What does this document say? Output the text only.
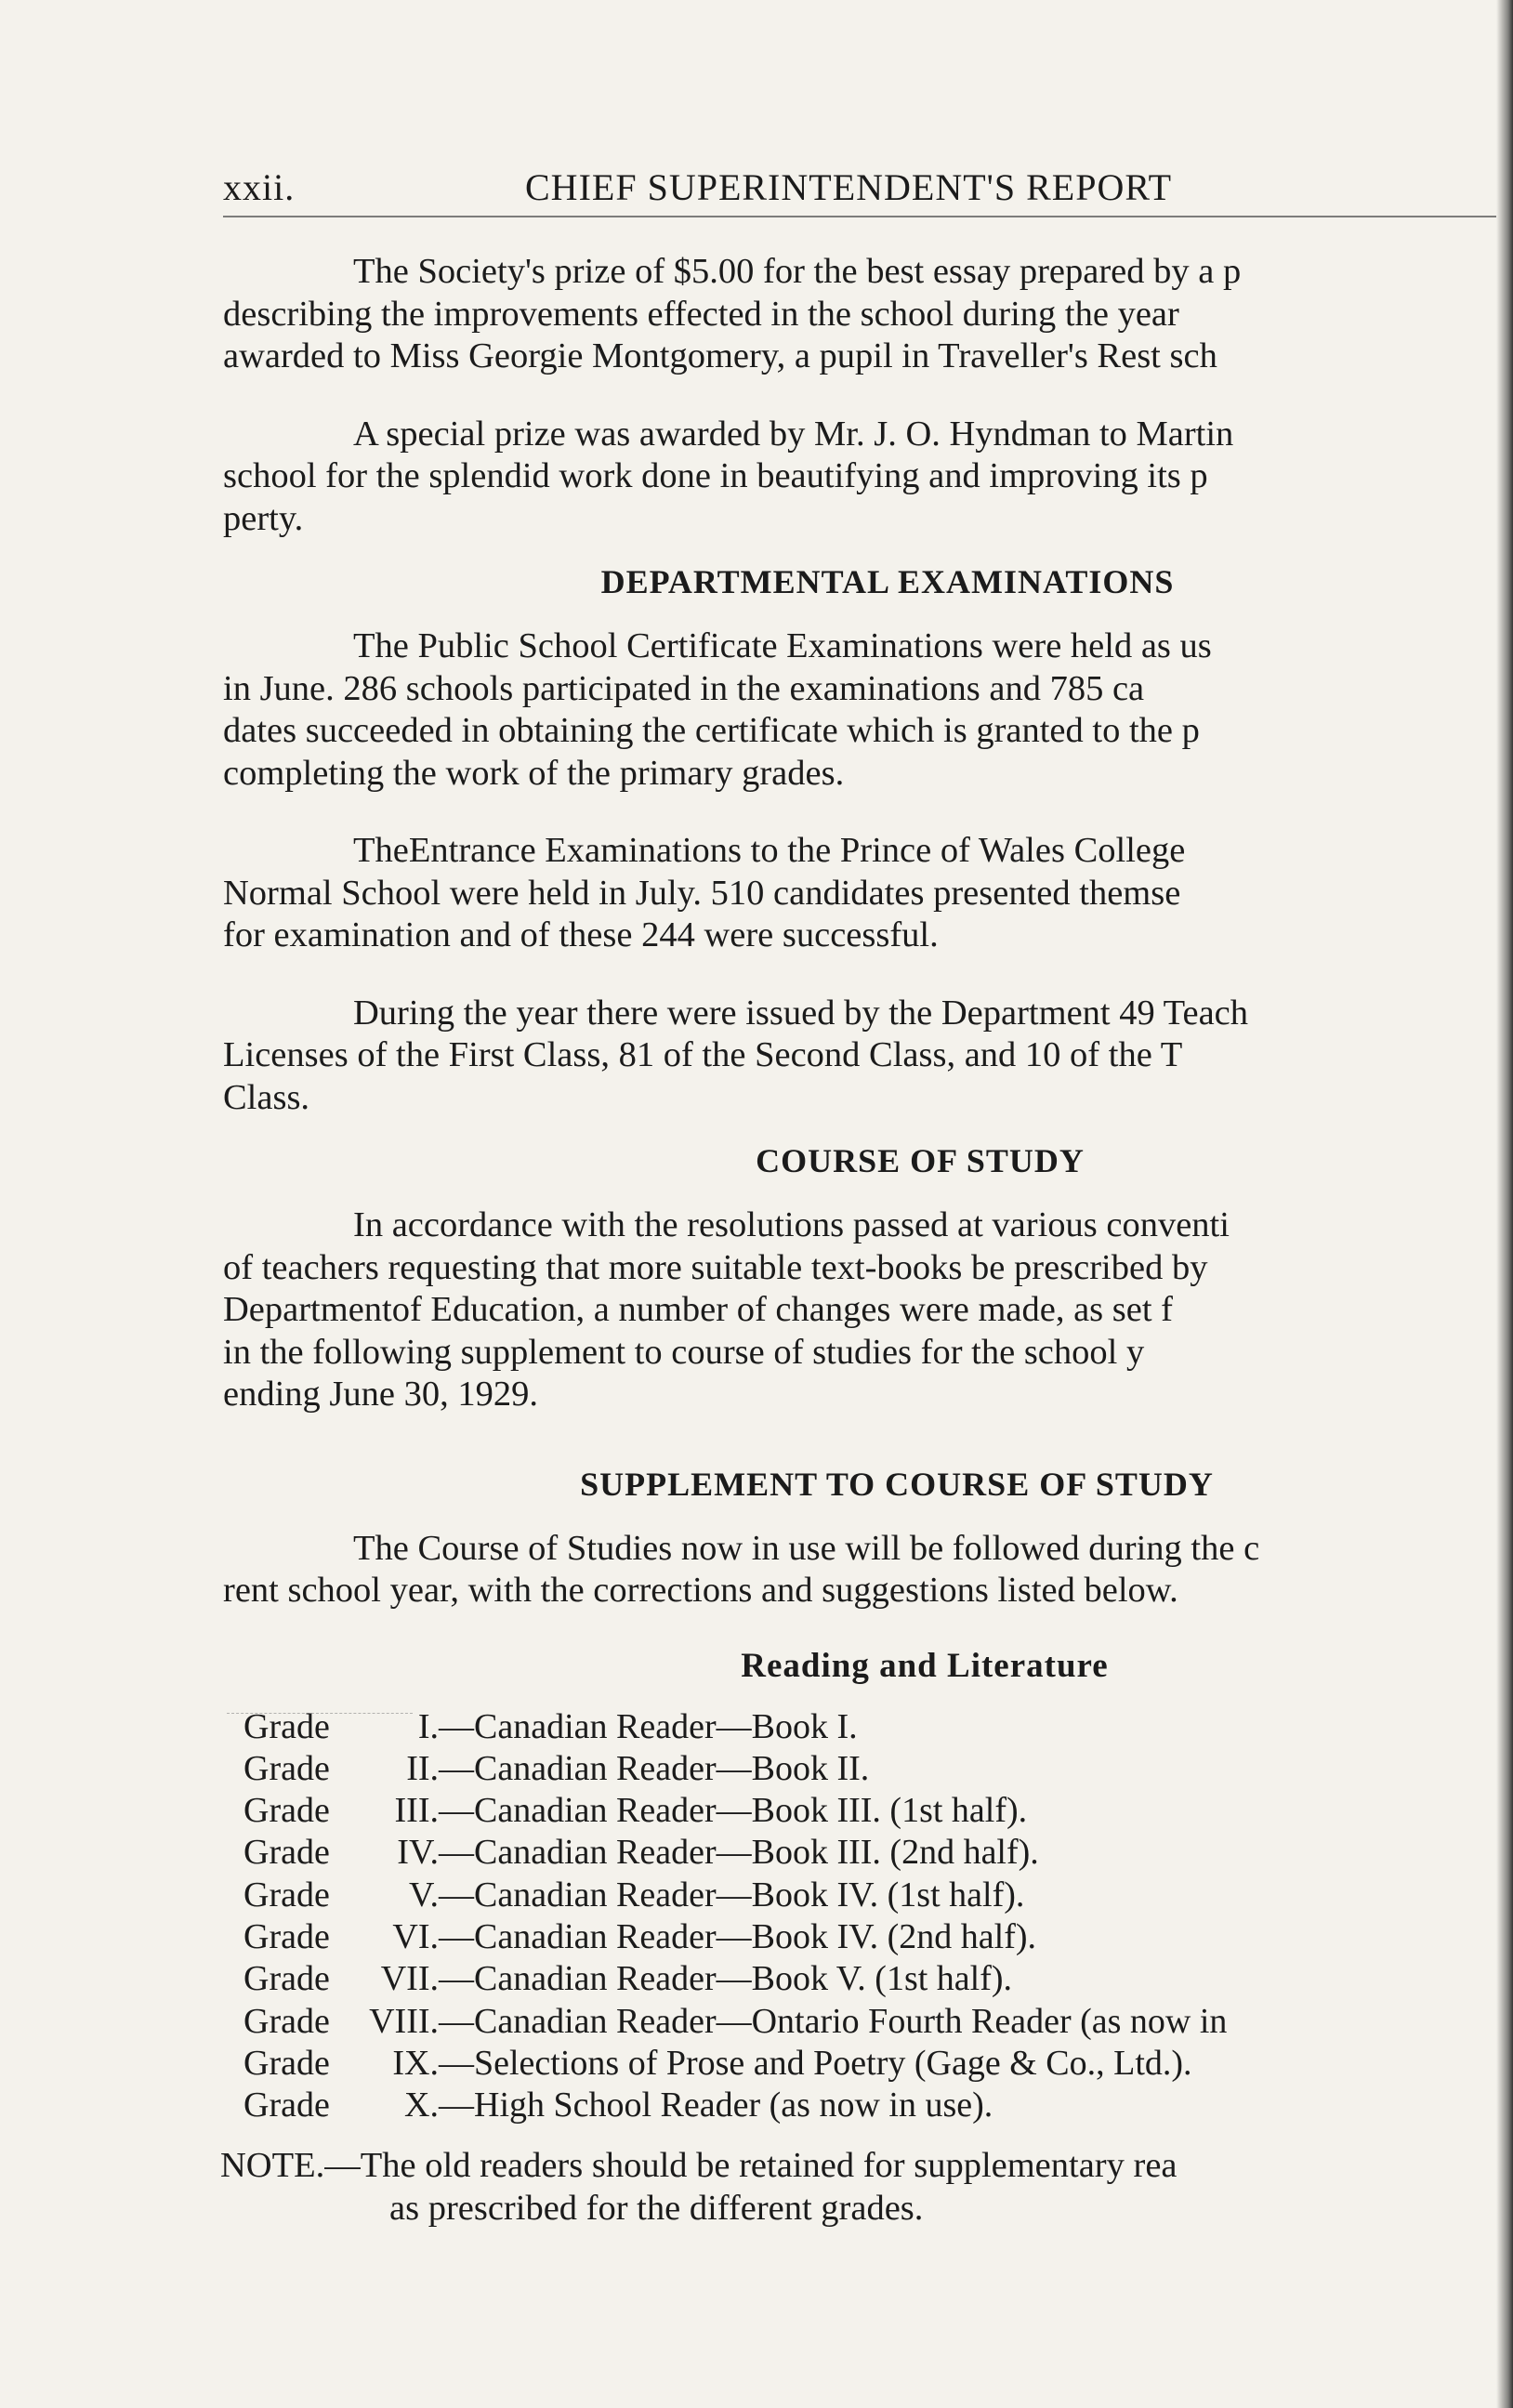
xxii.	CHIEF SUPERINTENDENT'S REPORT

The Society's prize of $5.00 for the best essay prepared by a p

describing the improvements effected in the school during the year

awarded to Miss Georgie Montgomery, a pupil in Traveller's Rest sch

A special prize was awarded by Mr. J. O. Hyndman to Martin

school for the splendid work done in beautifying and improving its p

perty.

DEPARTMENTAL EXAMINATIONS

The Public School Certificate Examinations were held as us

in June. 286 schools participated in the examinations and 785 ca

dates succeeded in obtaining the certificate which is granted to the p

completing the work of the primary grades.

TheEntrance Examinations to the Prince of Wales College

Normal School were held in July. 510 candidates presented themse

for examination and of these 244 were successful.

During the year there were issued by the Department 49 Teach

Licenses of the First Class, 81 of the Second Class, and 10 of the T

Class.

COURSE OF STUDY

In accordance with the resolutions passed at various conventi

of teachers requesting that more suitable text-books be prescribed by

Departmentof Education, a number of changes were made, as set f

in the following supplement to course of studies for the school y

ending June 30, 1929.

SUPPLEMENT TO COURSE OF STUDY

The Course of Studies now in use will be followed during the c

rent school year, with the corrections and suggestions listed below.

Reading and Literature
Grade	I. —Canadian Reader—Book I.
Grade	II. —Canadian Reader—Book II.
Grade	III. —Canadian Reader—Book III. (1st half).
Grade	IV. —Canadian Reader—Book III. (2nd half).
Grade	V. —Canadian Reader—Book IV. (1st half).
Grade	VI. —Canadian Reader—Book IV. (2nd half).
Grade	VII. —Canadian Reader—Book V. (1st half).
Grade	VIII. —Canadian Reader—Ontario Fourth Reader (as now in
Grade	IX. —Selections of Prose and Poetry (Gage & Co., Ltd.).
Grade	X. —High School Reader (as now in use).
NOTE.—The old readers should be retained for supplementary rea
as prescribed for the different grades.
